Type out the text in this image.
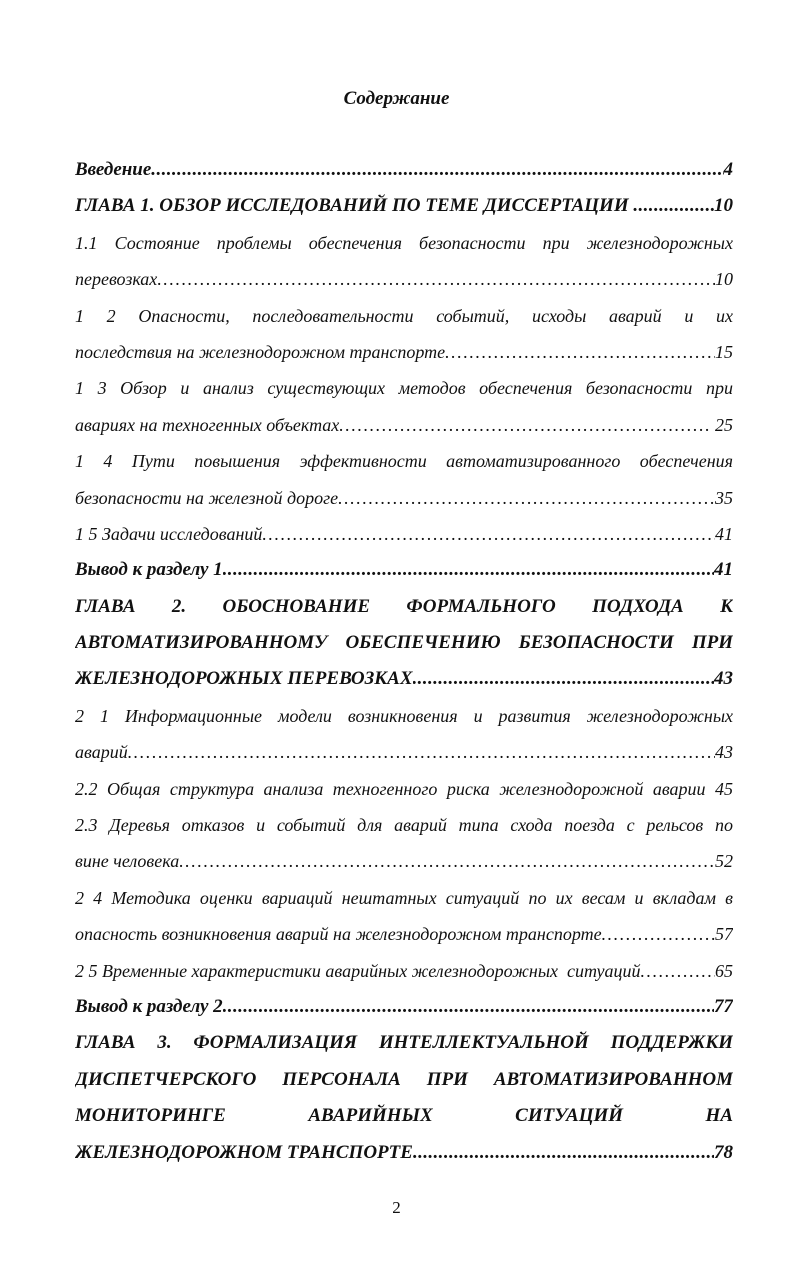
Содержание
Введение .....	4
ГЛАВА 1. ОБЗОР ИССЛЕДОВАНИЙ ПО ТЕМЕ ДИССЕРТАЦИИ .....	10
1.1 Состояние проблемы обеспечения безопасности при железнодорожных
перевозках .....	10
1 2 Опасности, последовательности событий, исходы аварий и их
последствия на железнодорожном транспорте .....	15
1 3 Обзор и анализ существующих методов обеспечения безопасности при
авариях на техногенных объектах .....	25
1 4 Пути повышения эффективности автоматизированного обеспечения
безопасности на железной дороге .....	35
1 5 Задачи исследований .....	41
Вывод к разделу 1 .....	41
ГЛАВА 2. ОБОСНОВАНИЕ ФОРМАЛЬНОГО ПОДХОДА К
АВТОМАТИЗИРОВАННОМУ ОБЕСПЕЧЕНИЮ БЕЗОПАСНОСТИ ПРИ
ЖЕЛЕЗНОДОРОЖНЫХ ПЕРЕВОЗКАХ .....	43
2 1 Информационные модели возникновения и развития железнодорожных
аварий .....	43
2.2 Общая структура анализа техногенного риска железнодорожной аварии 45
2.3 Деревья отказов и событий для аварий типа схода поезда с рельсов по
вине человека .....	52
2 4 Методика оценки вариаций нештатных ситуаций по их весам и вкладам в
опасность возникновения аварий на железнодорожном транспорте .....	57
2 5 Временные характеристики аварийных железнодорожных  ситуаций .....	65
Вывод к разделу 2 .....	77
ГЛАВА 3. ФОРМАЛИЗАЦИЯ ИНТЕЛЛЕКТУАЛЬНОЙ ПОДДЕРЖКИ
ДИСПЕТЧЕРСКОГО ПЕРСОНАЛА ПРИ АВТОМАТИЗИРОВАННОМ
МОНИТОРИНГЕ АВАРИЙНЫХ СИТУАЦИЙ НА
ЖЕЛЕЗНОДОРОЖНОМ ТРАНСПОРТЕ .....	78
2
